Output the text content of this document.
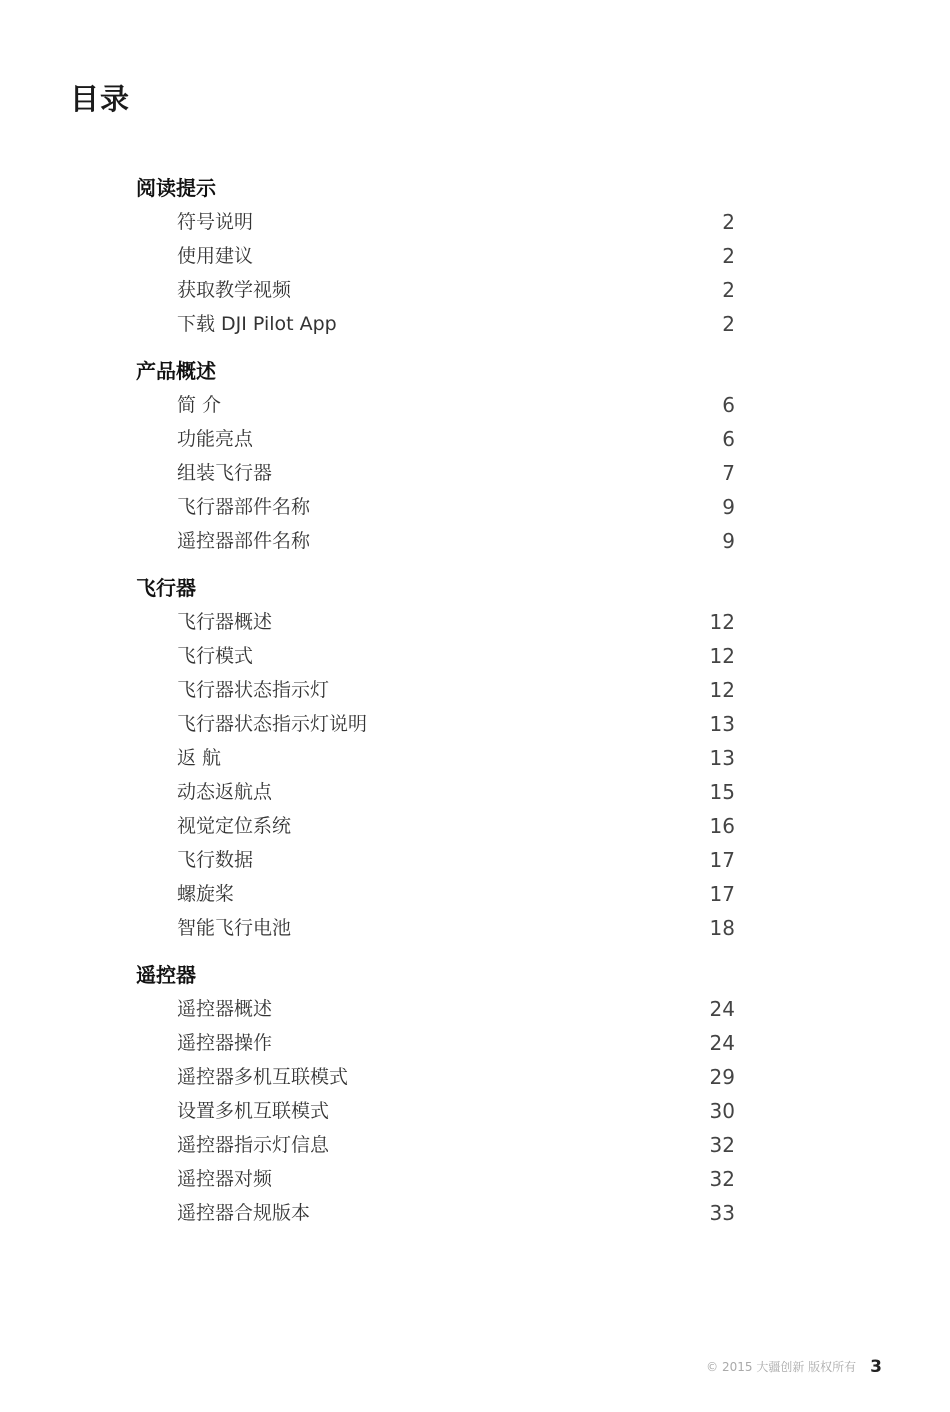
目录
阅读提示
符号说明	2
使用建议	2
获取教学视频	2
下载 DJI Pilot App	2
产品概述
简 介	6
功能亮点	6
组装飞行器	7
飞行器部件名称	9
遥控器部件名称	9
飞行器
飞行器概述	12
飞行模式	12
飞行器状态指示灯	12
飞行器状态指示灯说明	13
返 航	13
动态返航点	15
视觉定位系统	16
飞行数据	17
螺旋桨	17
智能飞行电池	18
遥控器
遥控器概述	24
遥控器操作	24
遥控器多机互联模式	29
设置多机互联模式	30
遥控器指示灯信息	32
遥控器对频	32
遥控器合规版本	33
© 2015 大疆创新 版权所有 3
